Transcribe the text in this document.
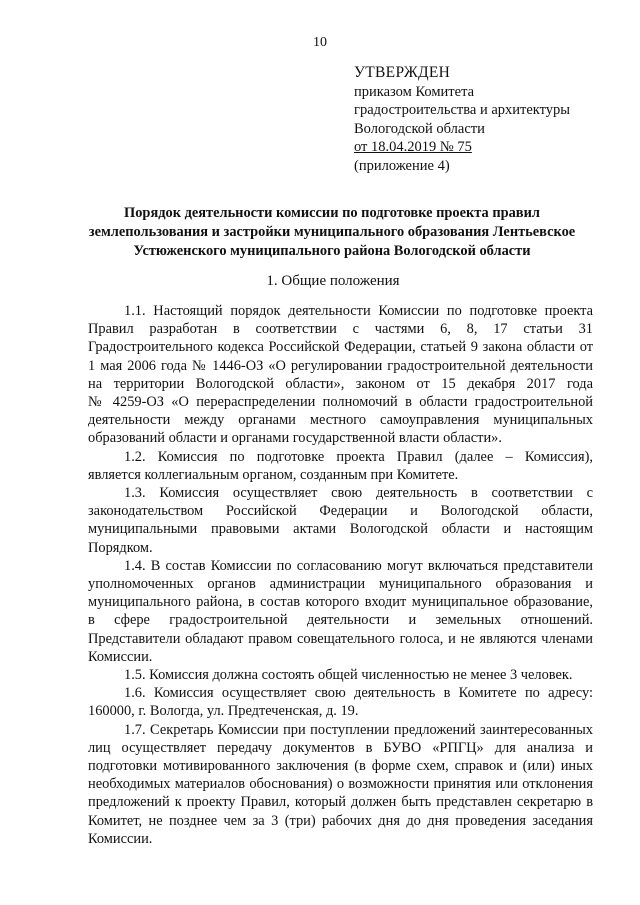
10
УТВЕРЖДЕН
приказом Комитета
градостроительства и архитектуры
Вологодской области
от 18.04.2019 № 75
(приложение 4)
Порядок деятельности комиссии по подготовке проекта правил
землепользования и застройки муниципального образования Лентьевское
Устюженского муниципального района Вологодской области
1. Общие положения
1.1. Настоящий порядок деятельности Комиссии по подготовке проекта
Правил разработан в соответствии с частями 6, 8, 17 статьи 31
Градостроительного кодекса Российской Федерации, статьей 9 закона области от
1 мая 2006 года № 1446-ОЗ «О регулировании градостроительной деятельности
на территории Вологодской области», законом от 15 декабря 2017 года
№ 4259-ОЗ «О перераспределении полномочий в области градостроительной
деятельности между органами местного самоуправления муниципальных
образований области и органами государственной власти области».
1.2. Комиссия по подготовке проекта Правил (далее – Комиссия),
является коллегиальным органом, созданным при Комитете.
1.3. Комиссия осуществляет свою деятельность в соответствии с
законодательством Российской Федерации и Вологодской области,
муниципальными правовыми актами Вологодской области и настоящим
Порядком.
1.4. В состав Комиссии по согласованию могут включаться представители
уполномоченных органов администрации муниципального образования и
муниципального района, в состав которого входит муниципальное образование,
в сфере градостроительной деятельности и земельных отношений.
Представители обладают правом совещательного голоса, и не являются членами
Комиссии.
1.5. Комиссия должна состоять общей численностью не менее 3 человек.
1.6. Комиссия осуществляет свою деятельность в Комитете по адресу:
160000, г. Вологда, ул. Предтеченская, д. 19.
1.7. Секретарь Комиссии при поступлении предложений заинтересованных
лиц осуществляет передачу документов в БУВО «РПГЦ» для анализа и
подготовки мотивированного заключения (в форме схем, справок и (или) иных
необходимых материалов обоснования) о возможности принятия или отклонения
предложений к проекту Правил, который должен быть представлен секретарю в
Комитет, не позднее чем за 3 (три) рабочих дня до дня проведения заседания
Комиссии.
